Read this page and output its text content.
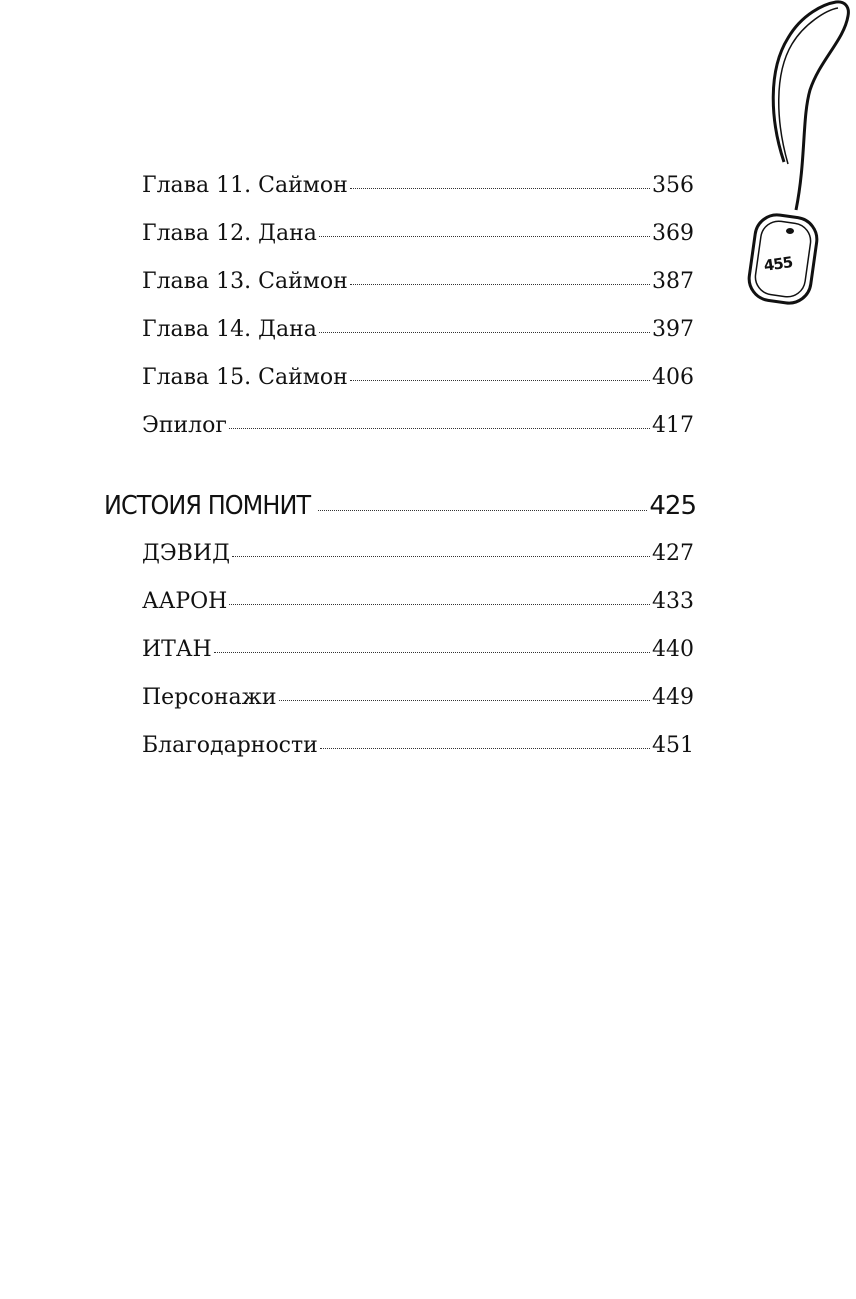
455
Глава 11. Саймон	356
Глава 12. Дана	369
Глава 13. Саймон	387
Глава 14. Дана	397
Глава 15. Саймон	406
Эпилог	417
ИСТОИЯ ПОМНИТ	425
ДЭВИД	427
ААРОН	433
ИТАН	440
Персонажи	449
Благодарности	451
